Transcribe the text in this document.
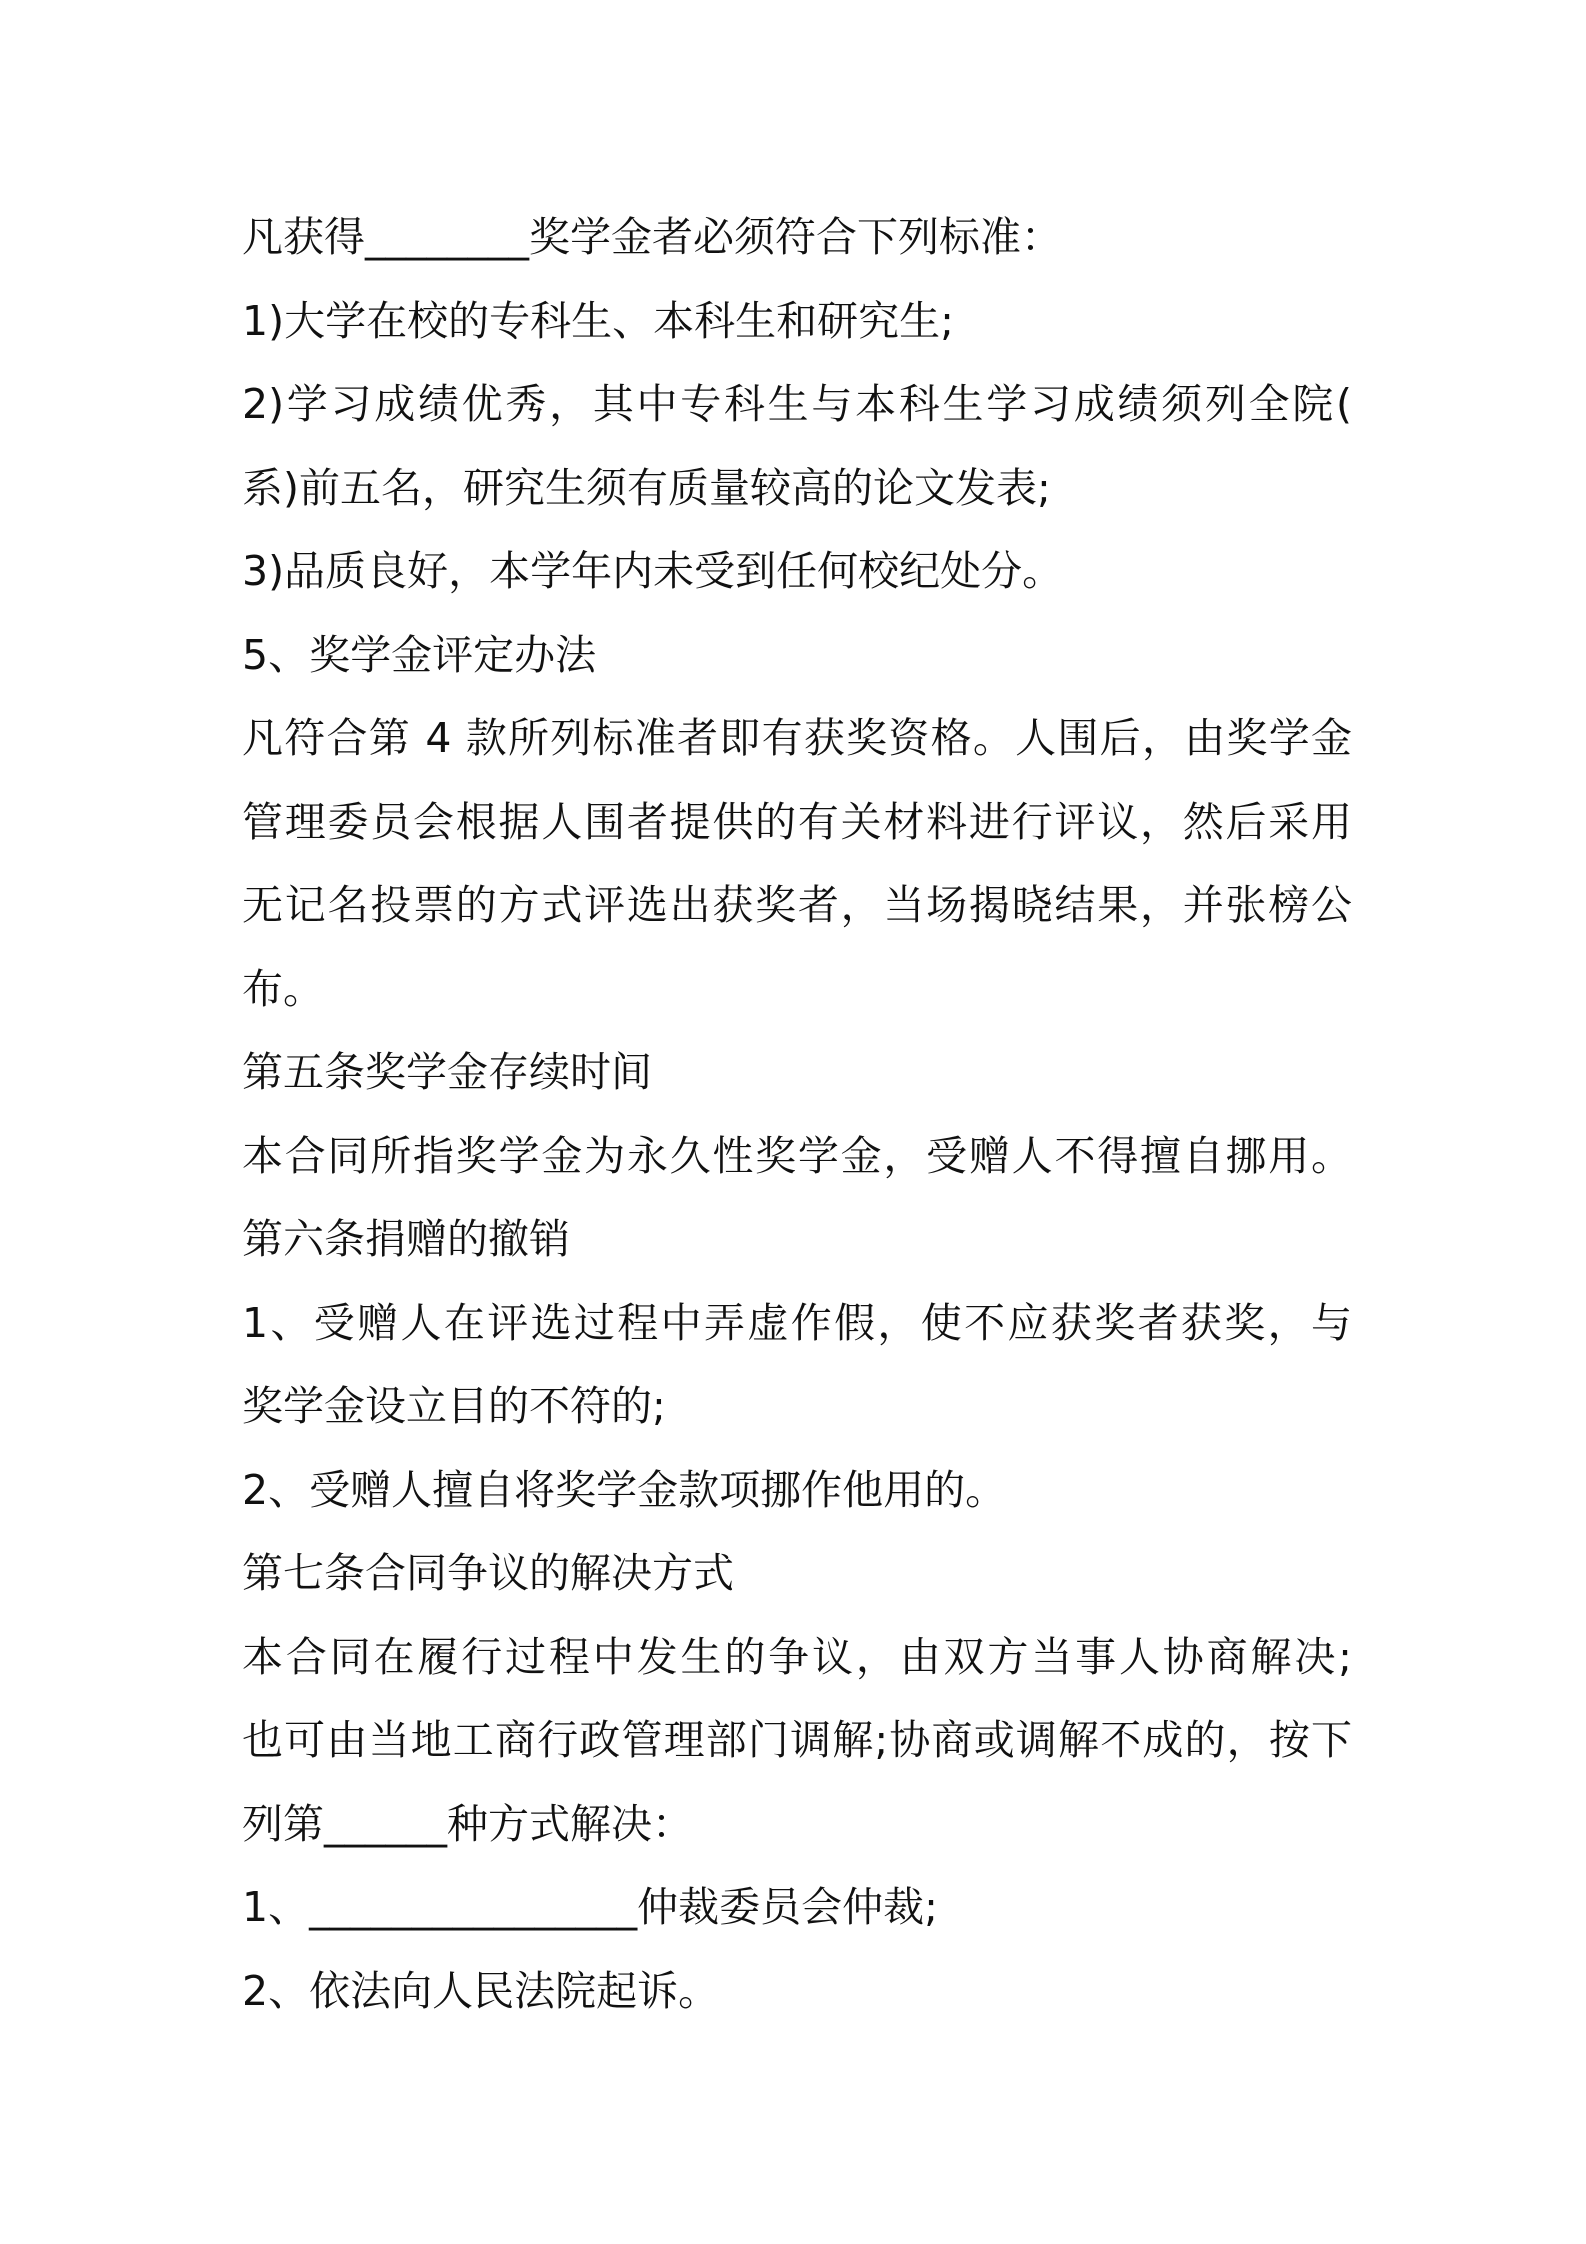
凡获得________奖学金者必须符合下列标准：
1)大学在校的专科生、本科生和研究生;
2)学习成绩优秀，其中专科生与本科生学习成绩须列全院(
系)前五名，研究生须有质量较高的论文发表;
3)品质良好，本学年内未受到任何校纪处分。
5、奖学金评定办法
凡符合第 4 款所列标准者即有获奖资格。人围后，由奖学金
管理委员会根据人围者提供的有关材料进行评议，然后采用
无记名投票的方式评选出获奖者，当场揭晓结果，并张榜公
布。
第五条奖学金存续时间
本合同所指奖学金为永久性奖学金，受赠人不得擅自挪用。
第六条捐赠的撤销
1、受赠人在评选过程中弄虚作假，使不应获奖者获奖，与
奖学金设立目的不符的;
2、受赠人擅自将奖学金款项挪作他用的。
第七条合同争议的解决方式
本合同在履行过程中发生的争议，由双方当事人协商解决;
也可由当地工商行政管理部门调解;协商或调解不成的，按下
列第______种方式解决：
1、________________仲裁委员会仲裁;
2、依法向人民法院起诉。
